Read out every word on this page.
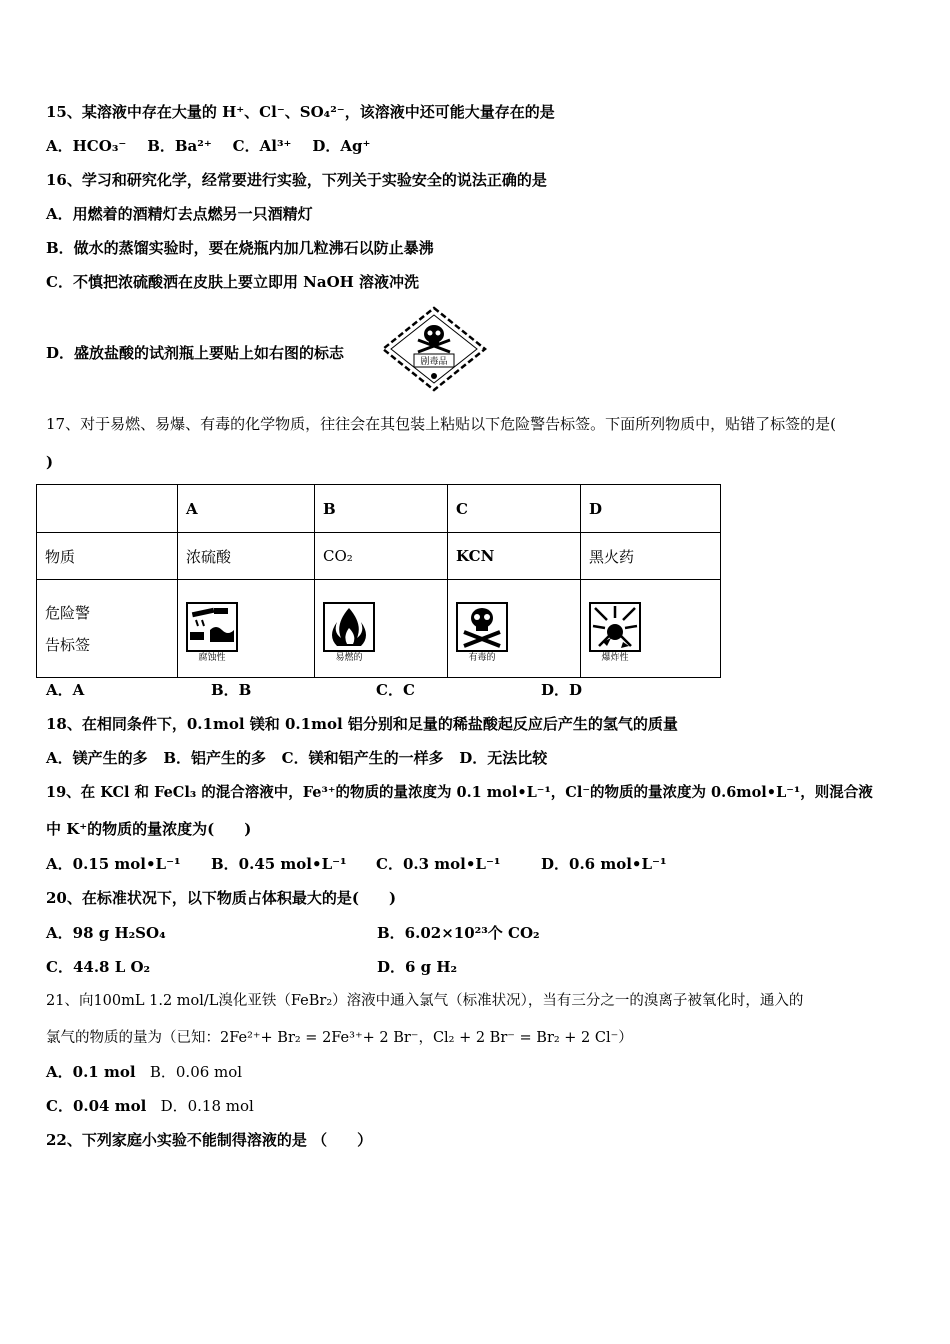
15、某溶液中存在大量的 H⁺、Cl⁻、SO₄²⁻，该溶液中还可能大量存在的是
A．HCO₃⁻ B．Ba²⁺ C．Al³⁺ D．Ag⁺
16、学习和研究化学，经常要进行实验，下列关于实验安全的说法正确的是
A．用燃着的酒精灯去点燃另一只酒精灯
B．做水的蒸馏实验时，要在烧瓶内加几粒沸石以防止暴沸
C．不慎把浓硫酸洒在皮肤上要立即用 NaOH 溶液冲洗
D．盛放盐酸的试剂瓶上要贴上如右图的标志	剧毒品
17、对于易燃、易爆、有毒的化学物质，往往会在其包装上粘贴以下危险警告标签。下面所列物质中，贴错了标签的是(
)
	A	B	C	D
物质	浓硫酸	CO₂	KCN	黑火药
危险警
告标签	腐蚀性	易燃的	有毒的	爆炸性
A．A	B．B	C．C	D．D
18、在相同条件下，0.1mol 镁和 0.1mol 铝分别和足量的稀盐酸起反应后产生的氢气的质量
A．镁产生的多 B．铝产生的多 C．镁和铝产生的一样多 D．无法比较
19、在 KCl 和 FeCl₃ 的混合溶液中，Fe³⁺的物质的量浓度为 0.1 mol•L⁻¹，Cl⁻的物质的量浓度为 0.6mol•L⁻¹，则混合液
中 K⁺的物质的量浓度为(　　)
A．0.15 mol•L⁻¹ B．0.45 mol•L⁻¹ C．0.3 mol•L⁻¹	D．0.6 mol•L⁻¹
20、在标准状况下，以下物质占体积最大的是(　　)
A．98 g H₂SO₄	B．6.02×10²³个 CO₂
C．44.8 L O₂	D．6 g H₂
21、向100mL 1.2 mol/L溴化亚铁（FeBr₂）溶液中通入氯气（标准状况），当有三分之一的溴离子被氧化时，通入的
氯气的物质的量为（已知：2Fe²⁺+ Br₂ = 2Fe³⁺+ 2 Br⁻，Cl₂ + 2 Br⁻ = Br₂ + 2 Cl⁻）
A．0.1 mol B．0.06 mol
C．0.04 mol D．0.18 mol
22、下列家庭小实验不能制得溶液的是 （　　）
